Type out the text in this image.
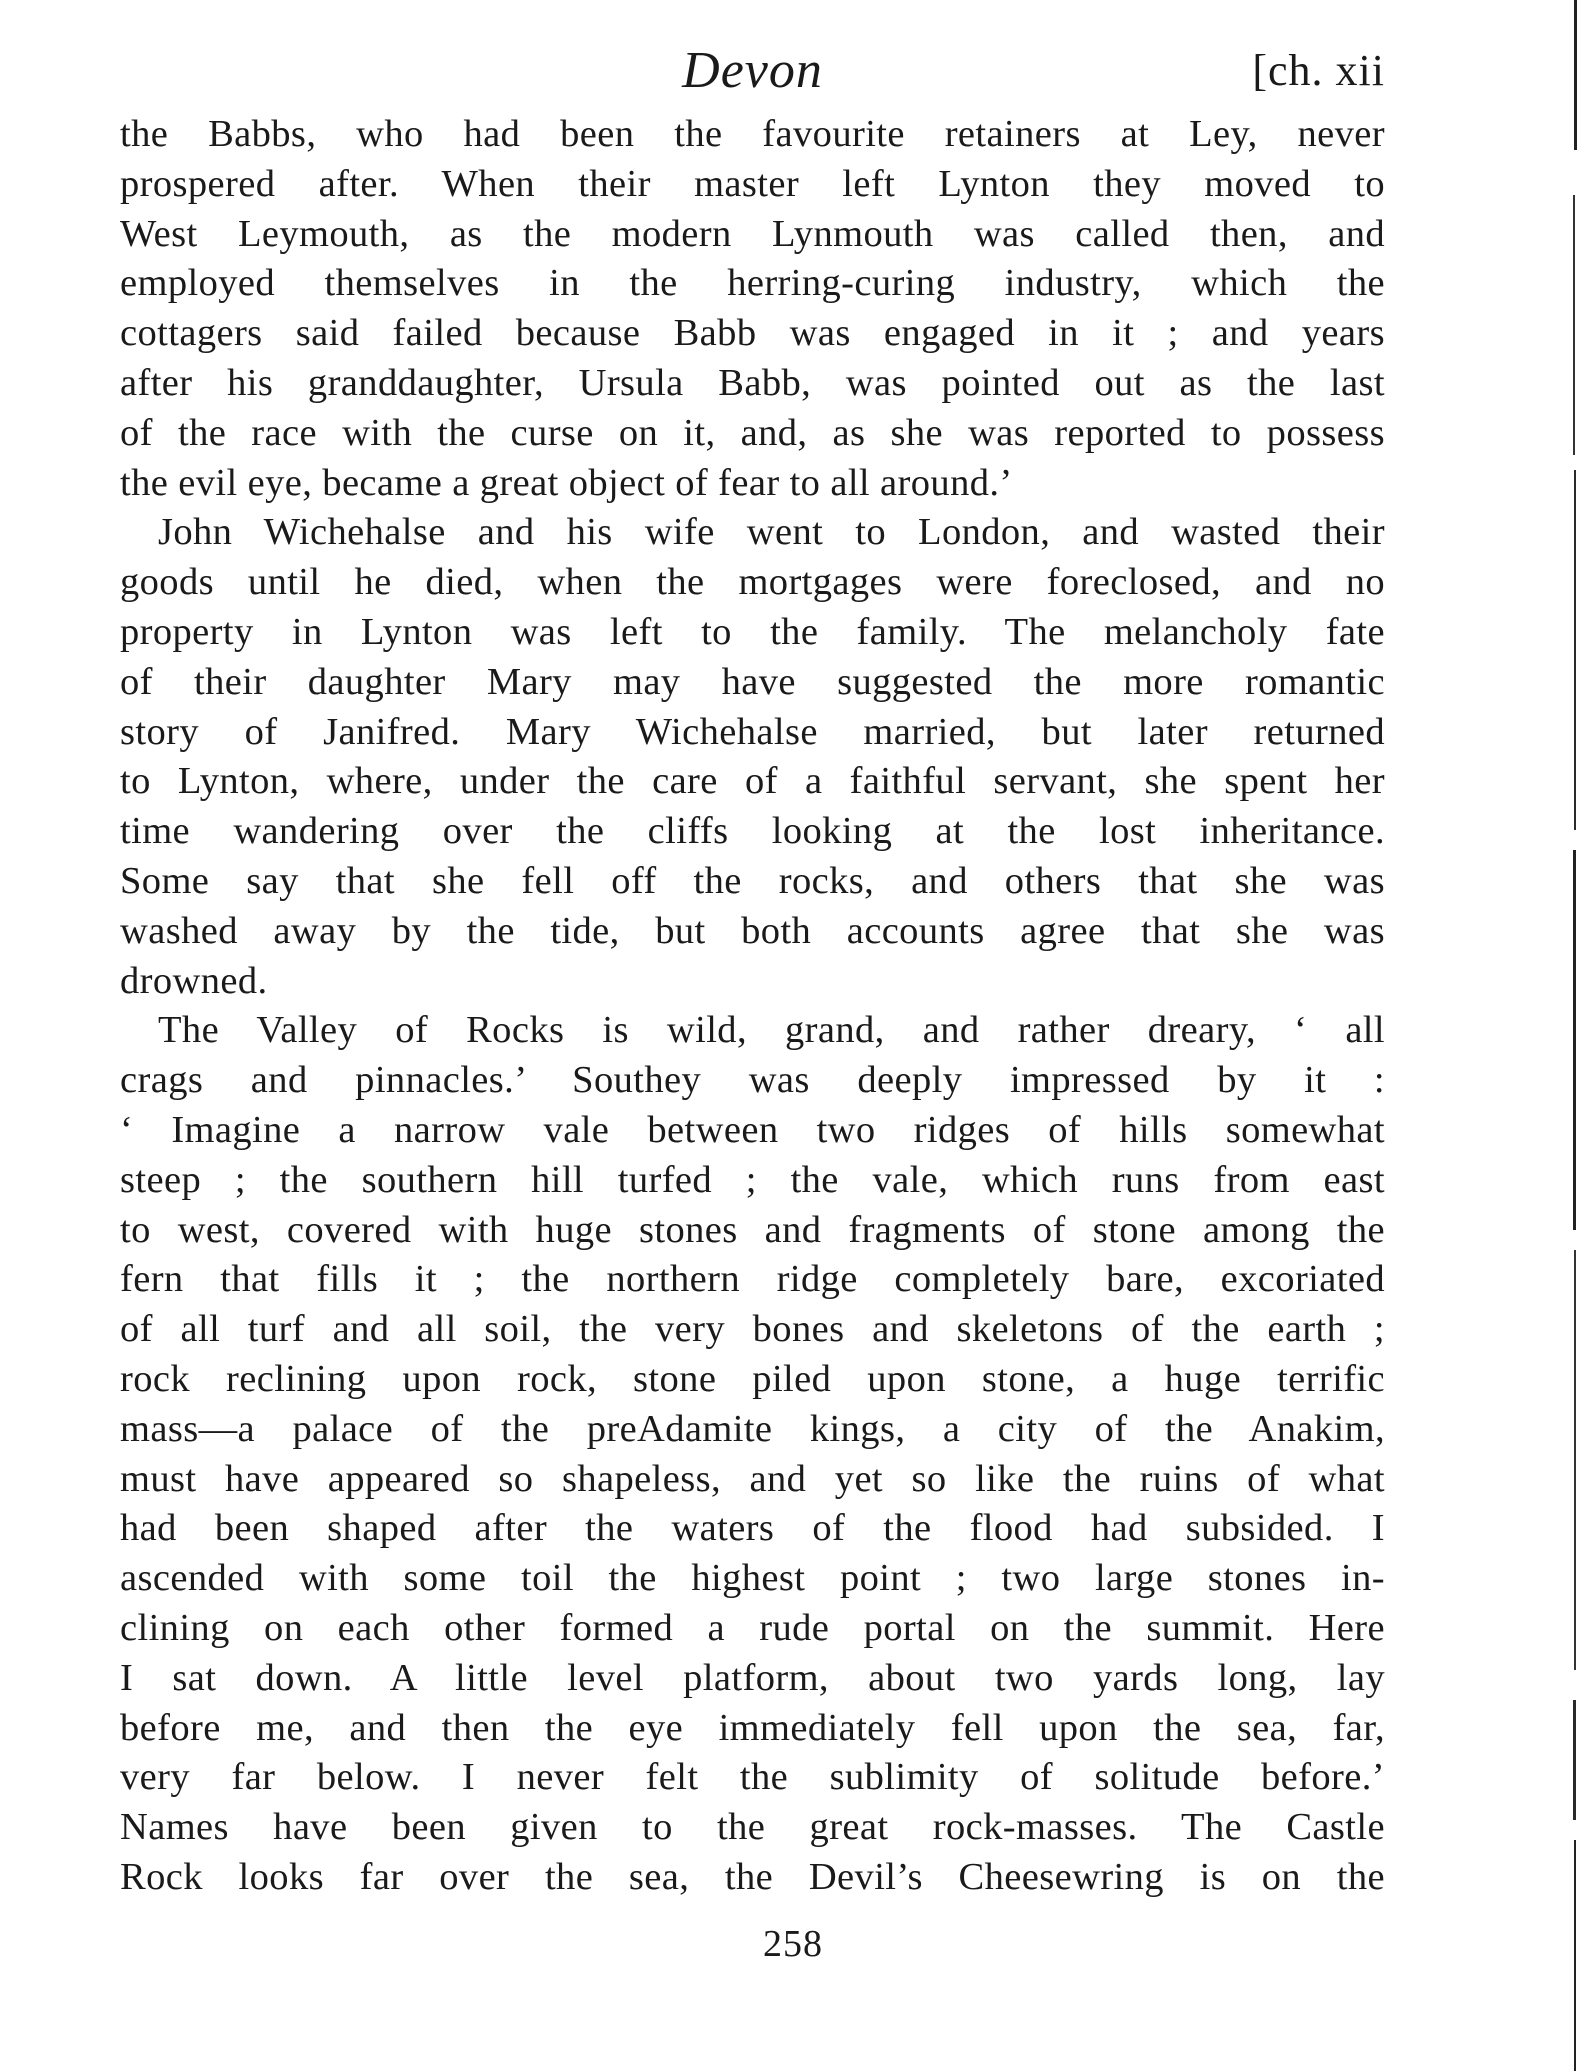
Devon	[ch. xii
the Babbs, who had been the favourite retainers at Ley, never
prospered after. When their master left Lynton they moved to
West Leymouth, as the modern Lynmouth was called then, and
employed themselves in the herring-curing industry, which the
cottagers said failed because Babb was engaged in it ; and years
after his granddaughter, Ursula Babb, was pointed out as the last
of the race with the curse on it, and, as she was reported to possess
the evil eye, became a great object of fear to all around.’
John Wichehalse and his wife went to London, and wasted their
goods until he died, when the mortgages were foreclosed, and no
property in Lynton was left to the family. The melancholy fate
of their daughter Mary may have suggested the more romantic
story of Janifred. Mary Wichehalse married, but later returned
to Lynton, where, under the care of a faithful servant, she spent her
time wandering over the cliffs looking at the lost inheritance.
Some say that she fell off the rocks, and others that she was
washed away by the tide, but both accounts agree that she was
drowned.
The Valley of Rocks is wild, grand, and rather dreary, ‘ all
crags and pinnacles.’ Southey was deeply impressed by it :
‘ Imagine a narrow vale between two ridges of hills somewhat
steep ; the southern hill turfed ; the vale, which runs from east
to west, covered with huge stones and fragments of stone among the
fern that fills it ; the northern ridge completely bare, excoriated
of all turf and all soil, the very bones and skeletons of the earth ;
rock reclining upon rock, stone piled upon stone, a huge terrific
mass—a palace of the preAdamite kings, a city of the Anakim,
must have appeared so shapeless, and yet so like the ruins of what
had been shaped after the waters of the flood had subsided. I
ascended with some toil the highest point ; two large stones in-
clining on each other formed a rude portal on the summit. Here
I sat down. A little level platform, about two yards long, lay
before me, and then the eye immediately fell upon the sea, far,
very far below. I never felt the sublimity of solitude before.’
Names have been given to the great rock-masses. The Castle
Rock looks far over the sea, the Devil’s Cheesewring is on the
258
